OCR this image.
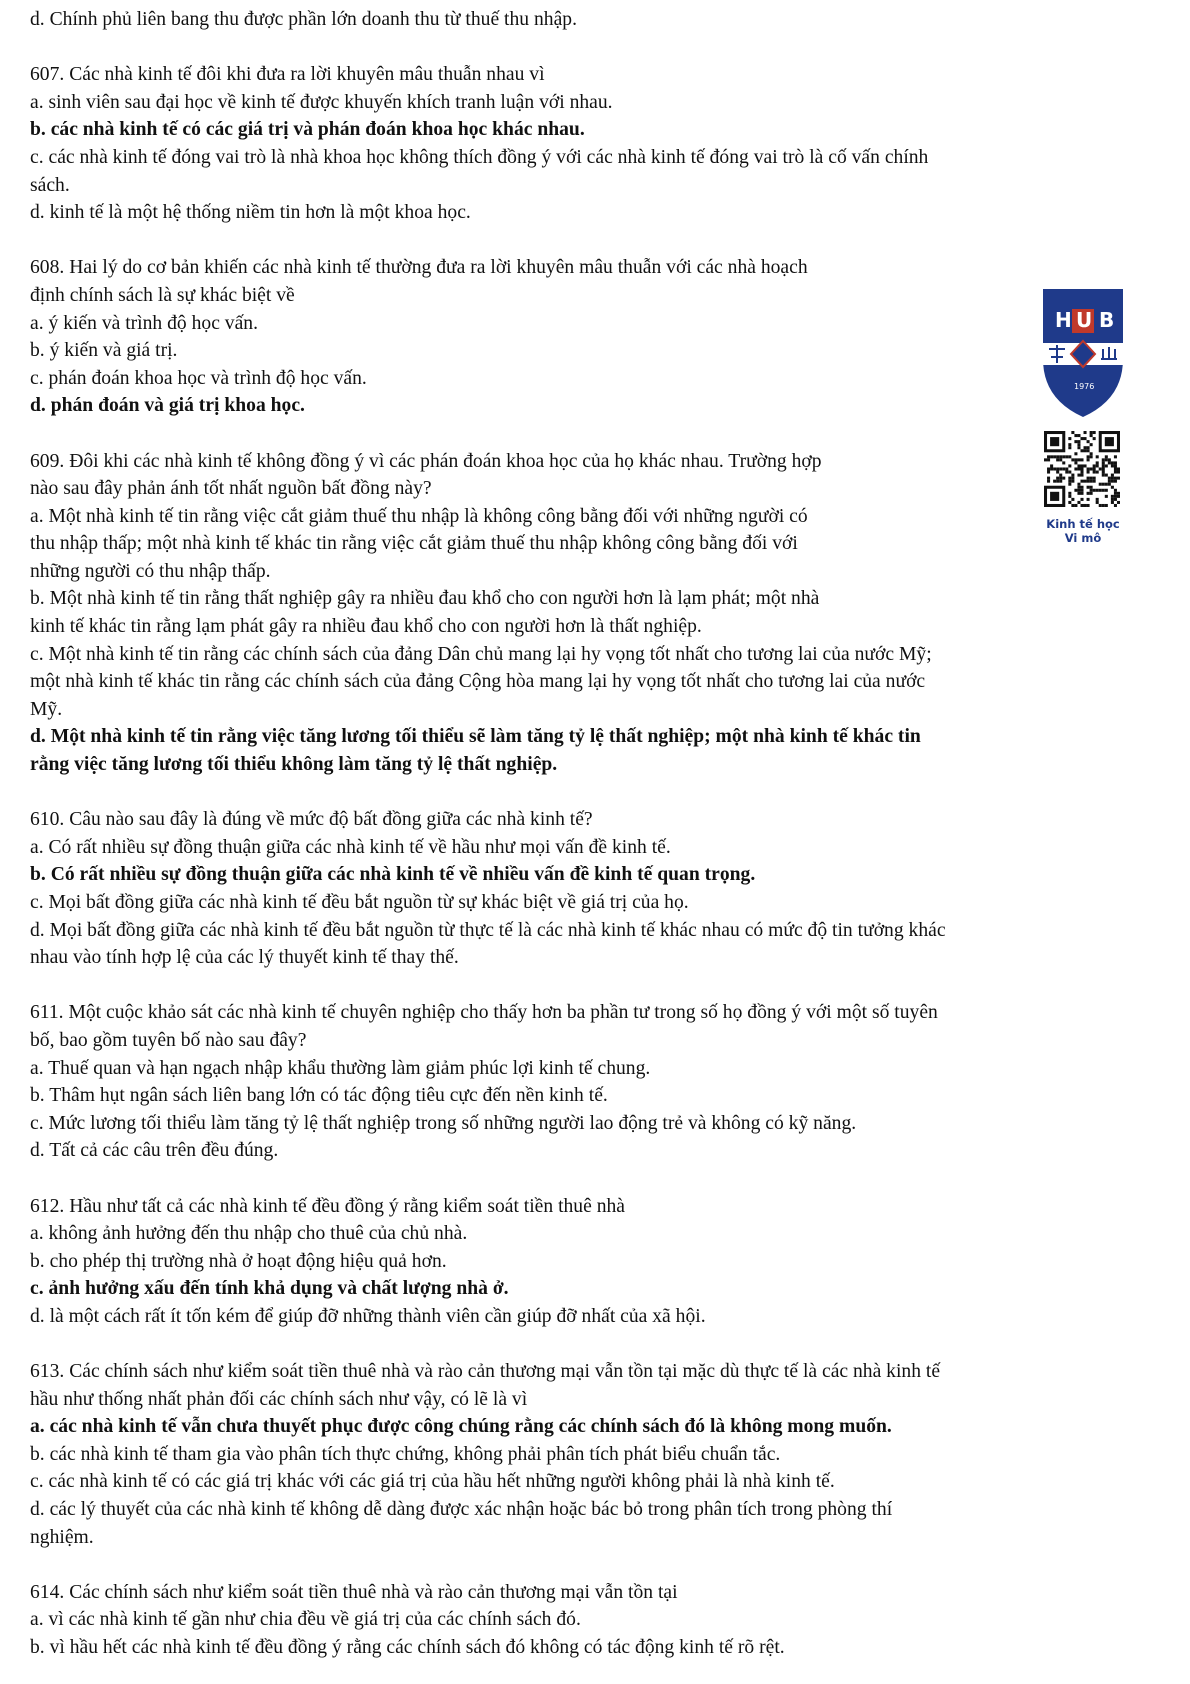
d. Chính phủ liên bang thu được phần lớn doanh thu từ thuế thu nhập.
607. Các nhà kinh tế đôi khi đưa ra lời khuyên mâu thuẫn nhau vì
a. sinh viên sau đại học về kinh tế được khuyến khích tranh luận với nhau.
b. các nhà kinh tế có các giá trị và phán đoán khoa học khác nhau.
c. các nhà kinh tế đóng vai trò là nhà khoa học không thích đồng ý với các nhà kinh tế đóng vai trò là cố vấn chính
sách.
d. kinh tế là một hệ thống niềm tin hơn là một khoa học.
608. Hai lý do cơ bản khiến các nhà kinh tế thường đưa ra lời khuyên mâu thuẫn với các nhà hoạch
định chính sách là sự khác biệt về
a. ý kiến và trình độ học vấn.
b. ý kiến và giá trị.
c. phán đoán khoa học và trình độ học vấn.
d. phán đoán và giá trị khoa học.
609. Đôi khi các nhà kinh tế không đồng ý vì các phán đoán khoa học của họ khác nhau. Trường hợp
nào sau đây phản ánh tốt nhất nguồn bất đồng này?
a. Một nhà kinh tế tin rằng việc cắt giảm thuế thu nhập là không công bằng đối với những người có
thu nhập thấp; một nhà kinh tế khác tin rằng việc cắt giảm thuế thu nhập không công bằng đối với
những người có thu nhập thấp.
b. Một nhà kinh tế tin rằng thất nghiệp gây ra nhiều đau khổ cho con người hơn là lạm phát; một nhà
kinh tế khác tin rằng lạm phát gây ra nhiều đau khổ cho con người hơn là thất nghiệp.
c. Một nhà kinh tế tin rằng các chính sách của đảng Dân chủ mang lại hy vọng tốt nhất cho tương lai của nước Mỹ;
một nhà kinh tế khác tin rằng các chính sách của đảng Cộng hòa mang lại hy vọng tốt nhất cho tương lai của nước
Mỹ.
d. Một nhà kinh tế tin rằng việc tăng lương tối thiểu sẽ làm tăng tỷ lệ thất nghiệp; một nhà kinh tế khác tin
rằng việc tăng lương tối thiểu không làm tăng tỷ lệ thất nghiệp.
610. Câu nào sau đây là đúng về mức độ bất đồng giữa các nhà kinh tế?
a. Có rất nhiều sự đồng thuận giữa các nhà kinh tế về hầu như mọi vấn đề kinh tế.
b. Có rất nhiều sự đồng thuận giữa các nhà kinh tế về nhiều vấn đề kinh tế quan trọng.
c. Mọi bất đồng giữa các nhà kinh tế đều bắt nguồn từ sự khác biệt về giá trị của họ.
d. Mọi bất đồng giữa các nhà kinh tế đều bắt nguồn từ thực tế là các nhà kinh tế khác nhau có mức độ tin tưởng khác
nhau vào tính hợp lệ của các lý thuyết kinh tế thay thế.
611. Một cuộc khảo sát các nhà kinh tế chuyên nghiệp cho thấy hơn ba phần tư trong số họ đồng ý với một số tuyên
bố, bao gồm tuyên bố nào sau đây?
a. Thuế quan và hạn ngạch nhập khẩu thường làm giảm phúc lợi kinh tế chung.
b. Thâm hụt ngân sách liên bang lớn có tác động tiêu cực đến nền kinh tế.
c. Mức lương tối thiểu làm tăng tỷ lệ thất nghiệp trong số những người lao động trẻ và không có kỹ năng.
d. Tất cả các câu trên đều đúng.
612. Hầu như tất cả các nhà kinh tế đều đồng ý rằng kiểm soát tiền thuê nhà
a. không ảnh hưởng đến thu nhập cho thuê của chủ nhà.
b. cho phép thị trường nhà ở hoạt động hiệu quả hơn.
c. ảnh hưởng xấu đến tính khả dụng và chất lượng nhà ở.
d. là một cách rất ít tốn kém để giúp đỡ những thành viên cần giúp đỡ nhất của xã hội.
613. Các chính sách như kiểm soát tiền thuê nhà và rào cản thương mại vẫn tồn tại mặc dù thực tế là các nhà kinh tế
hầu như thống nhất phản đối các chính sách như vậy, có lẽ là vì
a. các nhà kinh tế vẫn chưa thuyết phục được công chúng rằng các chính sách đó là không mong muốn.
b. các nhà kinh tế tham gia vào phân tích thực chứng, không phải phân tích phát biểu chuẩn tắc.
c. các nhà kinh tế có các giá trị khác với các giá trị của hầu hết những người không phải là nhà kinh tế.
d. các lý thuyết của các nhà kinh tế không dễ dàng được xác nhận hoặc bác bỏ trong phân tích trong phòng thí
nghiệm.
614. Các chính sách như kiểm soát tiền thuê nhà và rào cản thương mại vẫn tồn tại
a. vì các nhà kinh tế gần như chia đều về giá trị của các chính sách đó.
b. vì hầu hết các nhà kinh tế đều đồng ý rằng các chính sách đó không có tác động kinh tế rõ rệt.
H U B
1976
Kinh tế học
Vi mô
